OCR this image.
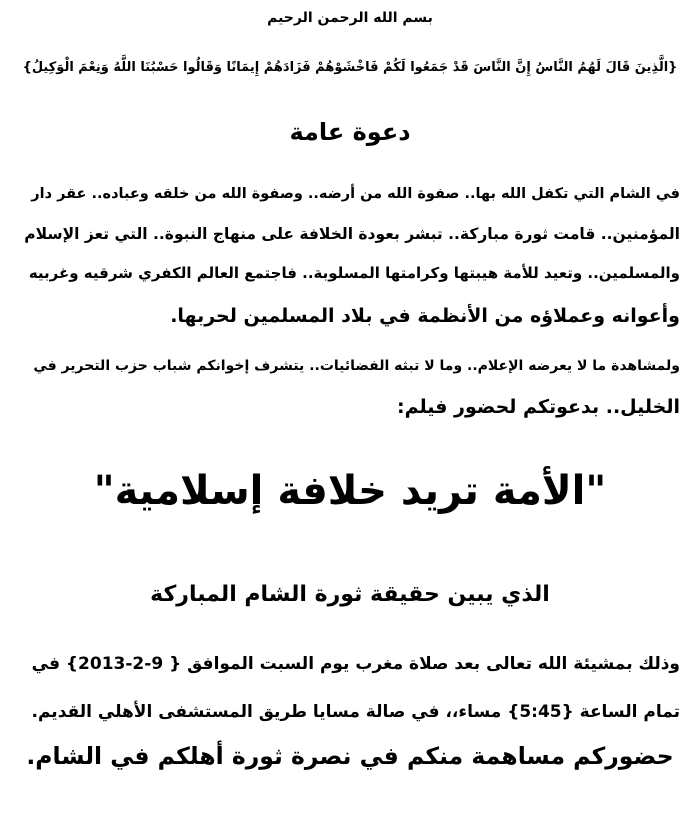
بسم الله الرحمن الرحيم
{الَّذِينَ قَالَ لَهُمُ النَّاسُ إِنَّ النَّاسَ قَدْ جَمَعُوا لَكُمْ فَاخْشَوْهُمْ فَزَادَهُمْ إِيمَانًا وَقَالُوا حَسْبُنَا اللَّهُ وَنِعْمَ الْوَكِيلُ}
دعوة عامة
في الشام التي تكفل الله بها.. صفوة الله من أرضه.. وصفوة الله من خلقه وعباده.. عقر دار
المؤمنين.. قامت ثورة مباركة.. تبشر بعودة الخلافة على منهاج النبوة.. التي تعز الإسلام
والمسلمين.. وتعيد للأمة هيبتها وكرامتها المسلوبة.. فاجتمع العالم الكفري شرقيه وغربيه
وأعوانه وعملاؤه من الأنظمة في بلاد المسلمين لحربها.
ولمشاهدة ما لا يعرضه الإعلام.. وما لا تبثه الفضائيات.. يتشرف إخوانكم شباب حزب التحرير في
الخليل.. بدعوتكم لحضور فيلم:
"الأمة تريد خلافة إسلامية"
الذي يبين حقيقة ثورة الشام المباركة
وذلك بمشيئة الله تعالى بعد صلاة مغرب يوم السبت الموافق { 9-2-2013} في
تمام الساعة {5:45} مساء،، في صالة مسايا طريق المستشفى الأهلي القديم.
حضوركم مساهمة منكم في نصرة ثورة أهلكم في الشام.
